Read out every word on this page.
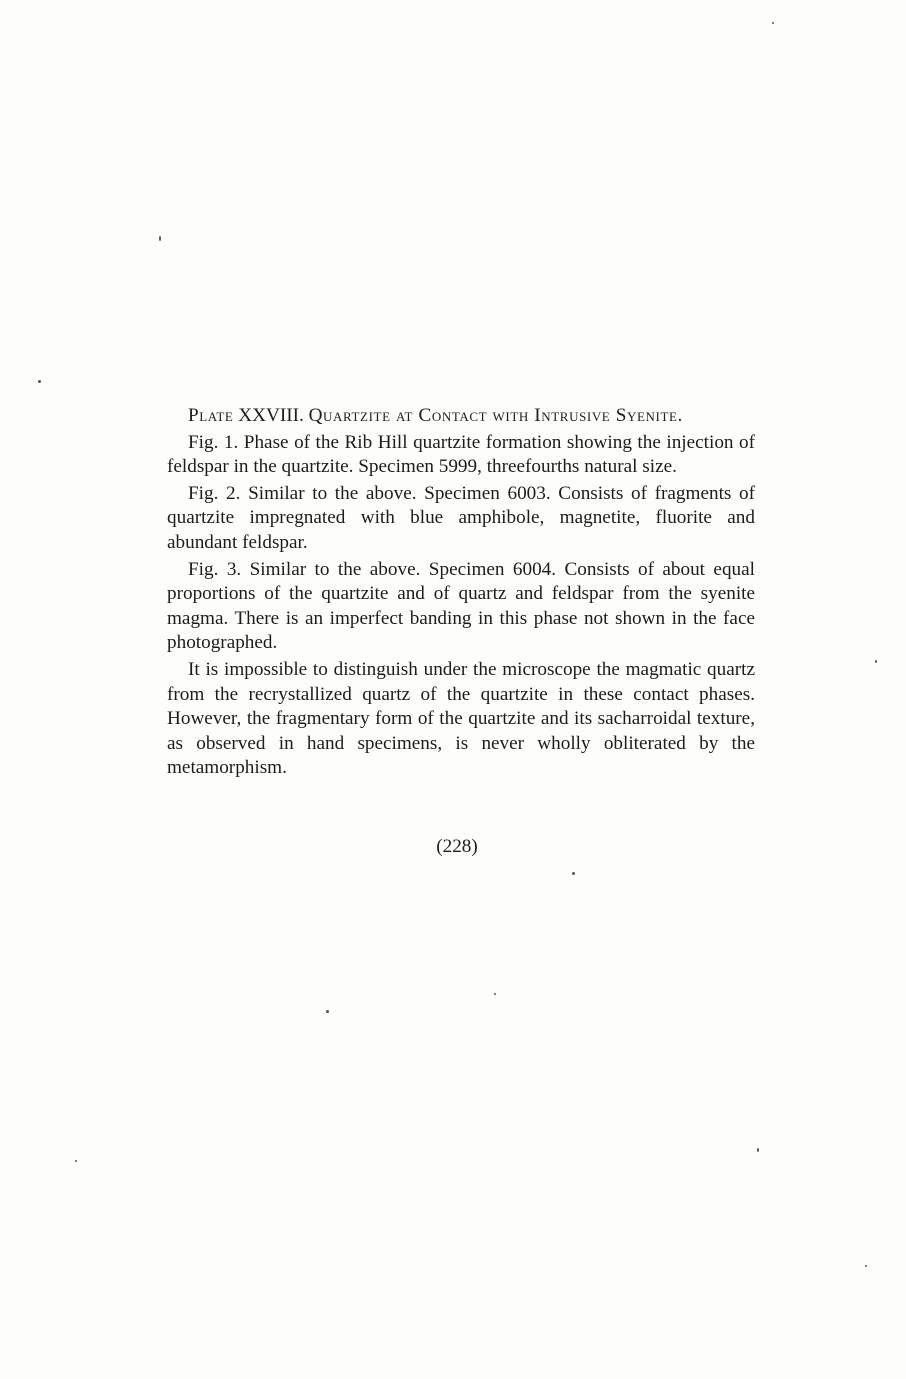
Plate XXVIII. Quartzite at Contact with Intrusive Syenite.

Fig. 1. Phase of the Rib Hill quartzite formation showing the injection of feldspar in the quartzite. Specimen 5999, threefourths natural size.

Fig. 2. Similar to the above. Specimen 6003. Consists of fragments of quartzite impregnated with blue amphibole, magnetite, fluorite and abundant feldspar.

Fig. 3. Similar to the above. Specimen 6004. Consists of about equal proportions of the quartzite and of quartz and feldspar from the syenite magma. There is an imperfect banding in this phase not shown in the face photographed.

It is impossible to distinguish under the microscope the magmatic quartz from the recrystallized quartz of the quartzite in these contact phases. However, the fragmentary form of the quartzite and its sacharroidal texture, as observed in hand specimens, is never wholly obliterated by the metamorphism.

(228)
